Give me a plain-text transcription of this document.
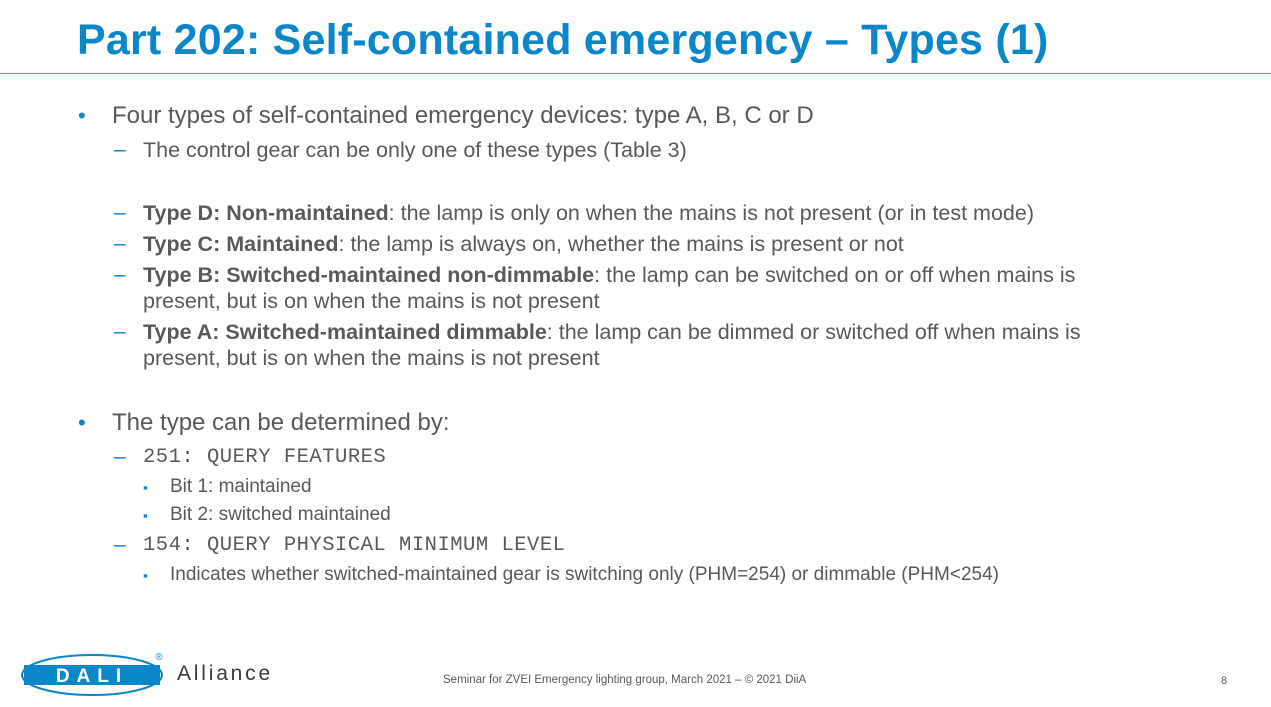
Part 202: Self-contained emergency – Types (1)
• Four types of self-contained emergency devices: type A, B, C or D
– The control gear can be only one of these types (Table 3)
– Type D: Non-maintained: the lamp is only on when the mains is not present (or in test mode)
– Type C: Maintained: the lamp is always on, whether the mains is present or not
– Type B: Switched-maintained non-dimmable: the lamp can be switched on or off when mains is
present, but is on when the mains is not present
– Type A: Switched-maintained dimmable: the lamp can be dimmed or switched off when mains is
present, but is on when the mains is not present
• The type can be determined by:
– 251: QUERY FEATURES
▪ Bit 1: maintained
▪ Bit 2: switched maintained
– 154: QUERY PHYSICAL MINIMUM LEVEL
▪ Indicates whether switched-maintained gear is switching only (PHM=254) or dimmable (PHM<254)
DALI
®
Alliance	Seminar for ZVEI Emergency lighting group, March 2021 – © 2021 DiiA	8
